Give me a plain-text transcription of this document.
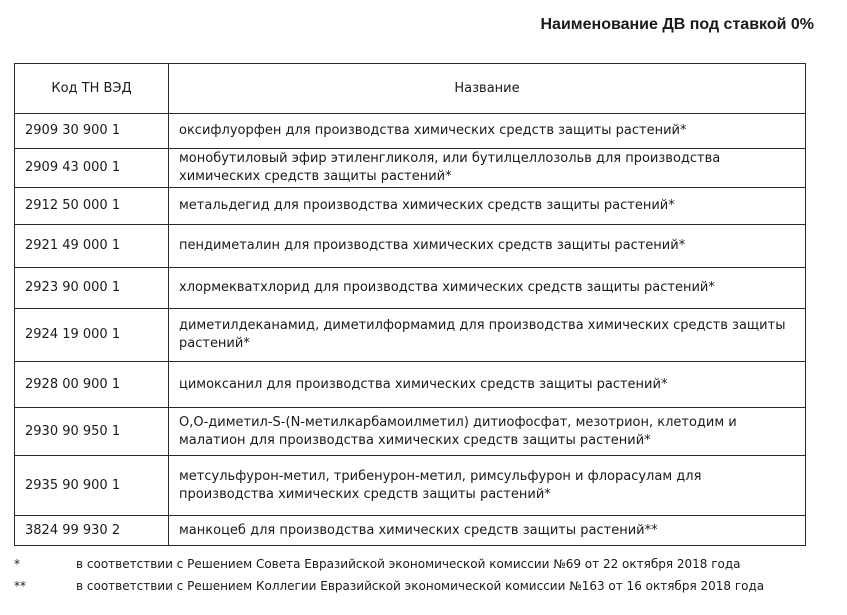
Наименование ДВ под ставкой 0%
Код ТН ВЭД	Название
2909 30 900 1	оксифлуорфен для производства химических средств защиты растений*
2909 43 000 1	монобутиловый эфир этиленгликоля, или бутилцеллозольв для производства химических средств защиты растений*
2912 50 000 1	метальдегид для производства химических средств защиты растений*
2921 49 000 1	пендиметалин для производства химических средств защиты растений*
2923 90 000 1	хлормекватхлорид для производства химических средств защиты растений*
2924 19 000 1	диметилдеканамид, диметилформамид для производства химических средств защиты растений*
2928 00 900 1	цимоксанил для производства химических средств защиты растений*
2930 90 950 1	О,О-диметил-S-(N-метилкарбамоилметил) дитиофосфат, мезотрион, клетодим и малатион для производства химических средств защиты растений*
2935 90 900 1	метсульфурон-метил, трибенурон-метил, римсульфурон и флорасулам для производства химических средств защиты растений*
3824 99 930 2	манкоцеб для производства химических средств защиты растений**
*	в соответствии с Решением Совета Евразийской экономической комиссии №69 от 22 октября 2018 года
**	в соответствии с Решением Коллегии Евразийской экономической комиссии №163 от 16 октября 2018 года
